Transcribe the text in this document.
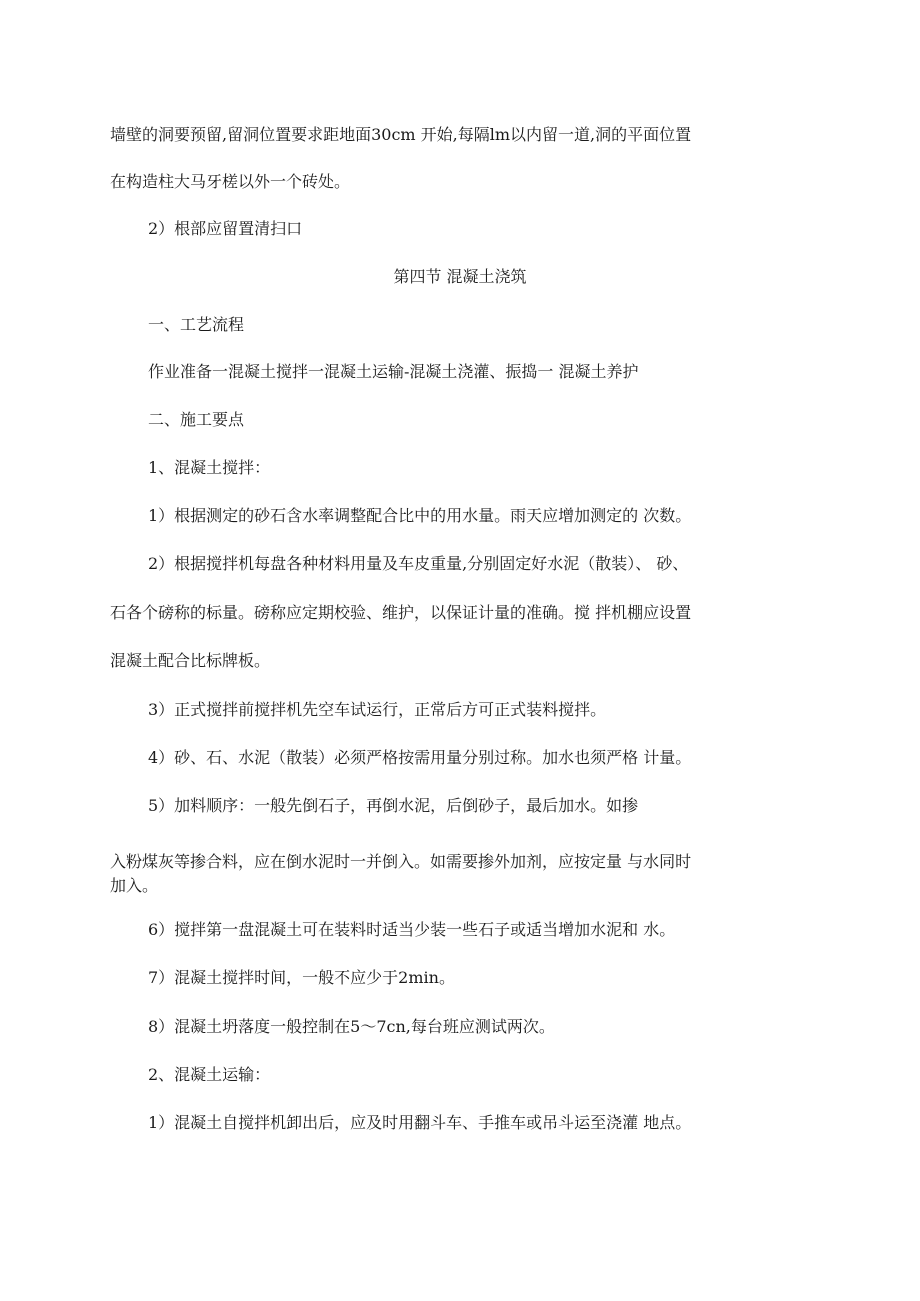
墙壁的洞要预留,留洞位置要求距地面30cm 开始,每隔lm以内留一道,洞的平面位置
在构造柱大马牙槎以外一个砖处。
2）根部应留置清扫口
第四节 混凝土浇筑
一、工艺流程
作业准备一混凝土搅拌一混凝土运输-混凝土浇灌、振捣一 混凝土养护
二、施工要点
1、混凝土搅拌：
1）根据测定的砂石含水率调整配合比中的用水量。雨天应增加测定的 次数。
2）根据搅拌机每盘各种材料用量及车皮重量,分别固定好水泥（散装）、 砂、
石各个磅称的标量。磅称应定期校验、维护，以保证计量的准确。搅 拌机棚应设置
混凝土配合比标牌板。
3）正式搅拌前搅拌机先空车试运行，正常后方可正式装料搅拌。
4）砂、石、水泥（散装）必须严格按需用量分别过称。加水也须严格 计量。
5）加料顺序：一般先倒石子，再倒水泥，后倒砂子，最后加水。如掺
入粉煤灰等掺合料，应在倒水泥时一并倒入。如需要掺外加剂，应按定量 与水同时
加入。
6）搅拌第一盘混凝土可在装料时适当少装一些石子或适当增加水泥和 水。
7）混凝土搅拌时间，一般不应少于2min。
8）混凝土坍落度一般控制在5～7cn,每台班应测试两次。
2、混凝土运输：
1）混凝土自搅拌机卸出后，应及时用翻斗车、手推车或吊斗运至浇灌 地点。
